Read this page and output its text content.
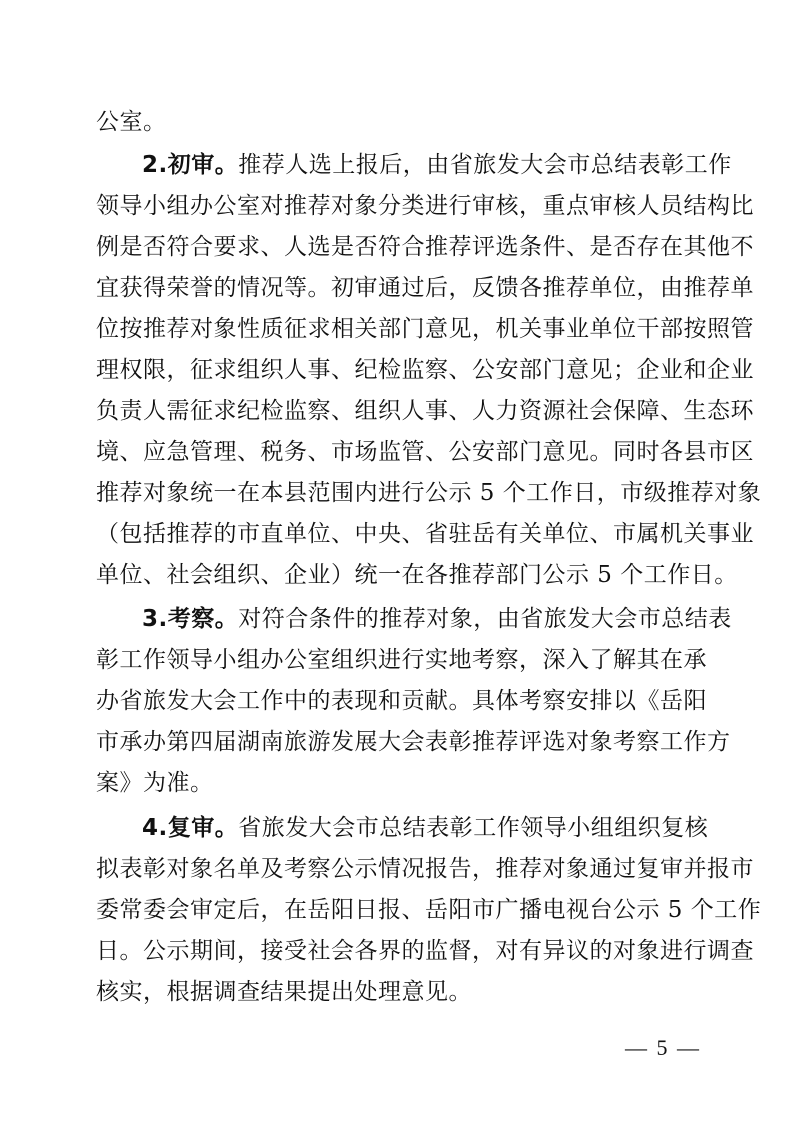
公室。
2.初审。推荐人选上报后，由省旅发大会市总结表彰工作
领导小组办公室对推荐对象分类进行审核，重点审核人员结构比
例是否符合要求、人选是否符合推荐评选条件、是否存在其他不
宜获得荣誉的情况等。初审通过后，反馈各推荐单位，由推荐单
位按推荐对象性质征求相关部门意见，机关事业单位干部按照管
理权限，征求组织人事、纪检监察、公安部门意见；企业和企业
负责人需征求纪检监察、组织人事、人力资源社会保障、生态环
境、应急管理、税务、市场监管、公安部门意见。同时各县市区
推荐对象统一在本县范围内进行公示 5 个工作日，市级推荐对象
（包括推荐的市直单位、中央、省驻岳有关单位、市属机关事业
单位、社会组织、企业）统一在各推荐部门公示 5 个工作日。
3.考察。对符合条件的推荐对象，由省旅发大会市总结表
彰工作领导小组办公室组织进行实地考察，深入了解其在承
办省旅发大会工作中的表现和贡献。具体考察安排以《岳阳
市承办第四届湖南旅游发展大会表彰推荐评选对象考察工作方
案》为准。
4.复审。省旅发大会市总结表彰工作领导小组组织复核
拟表彰对象名单及考察公示情况报告，推荐对象通过复审并报市
委常委会审定后，在岳阳日报、岳阳市广播电视台公示 5 个工作
日。公示期间，接受社会各界的监督，对有异议的对象进行调查
核实，根据调查结果提出处理意见。
— 5 —
